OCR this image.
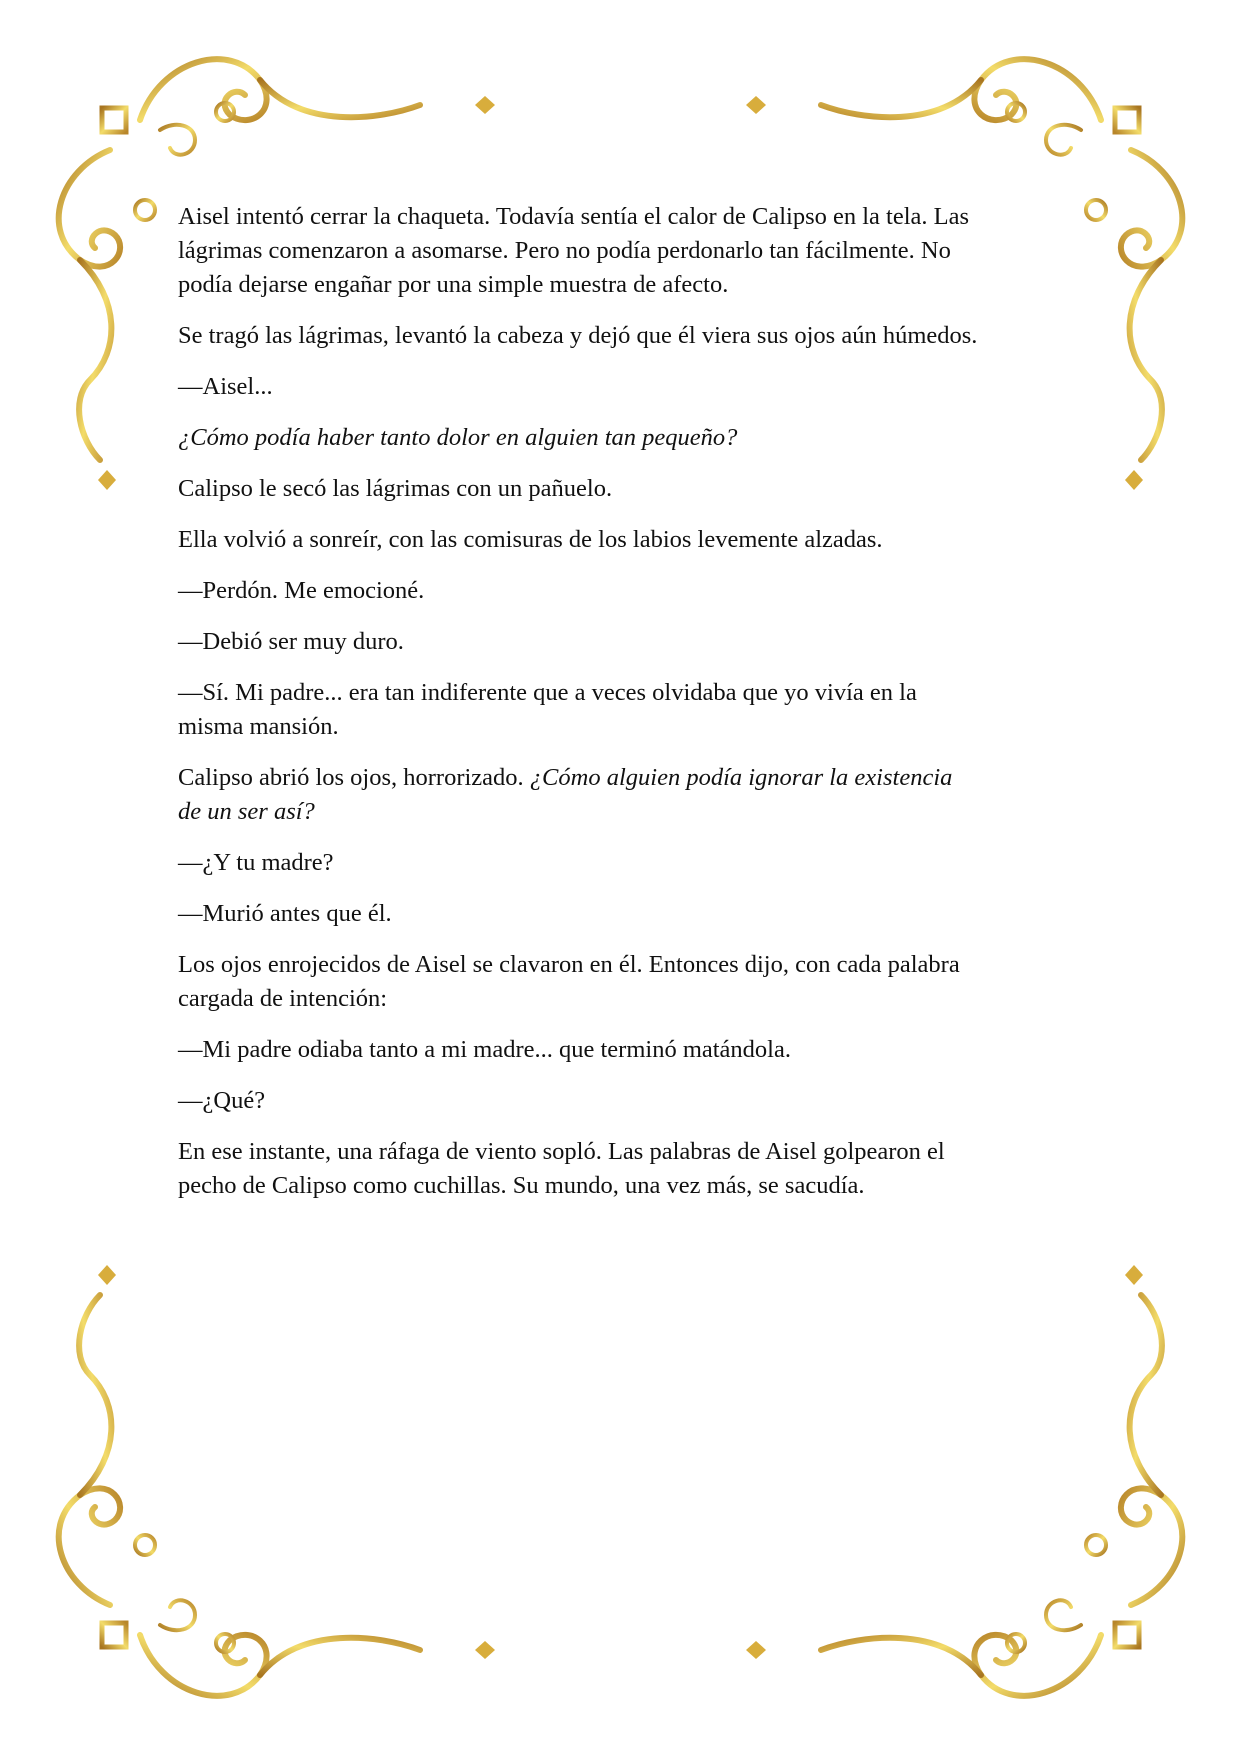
Aisel intentó cerrar la chaqueta. Todavía sentía el calor de Calipso en la tela. Las
lágrimas comenzaron a asomarse. Pero no podía perdonarlo tan fácilmente. No
podía dejarse engañar por una simple muestra de afecto.
Se tragó las lágrimas, levantó la cabeza y dejó que él viera sus ojos aún húmedos.
—Aisel...
¿Cómo podía haber tanto dolor en alguien tan pequeño?
Calipso le secó las lágrimas con un pañuelo.
Ella volvió a sonreír, con las comisuras de los labios levemente alzadas.
—Perdón. Me emocioné.
—Debió ser muy duro.
—Sí. Mi padre... era tan indiferente que a veces olvidaba que yo vivía en la
misma mansión.
Calipso abrió los ojos, horrorizado. ¿Cómo alguien podía ignorar la existencia
de un ser así?
—¿Y tu madre?
—Murió antes que él.
Los ojos enrojecidos de Aisel se clavaron en él. Entonces dijo, con cada palabra
cargada de intención:
—Mi padre odiaba tanto a mi madre... que terminó matándola.
—¿Qué?
En ese instante, una ráfaga de viento sopló. Las palabras de Aisel golpearon el
pecho de Calipso como cuchillas. Su mundo, una vez más, se sacudía.
